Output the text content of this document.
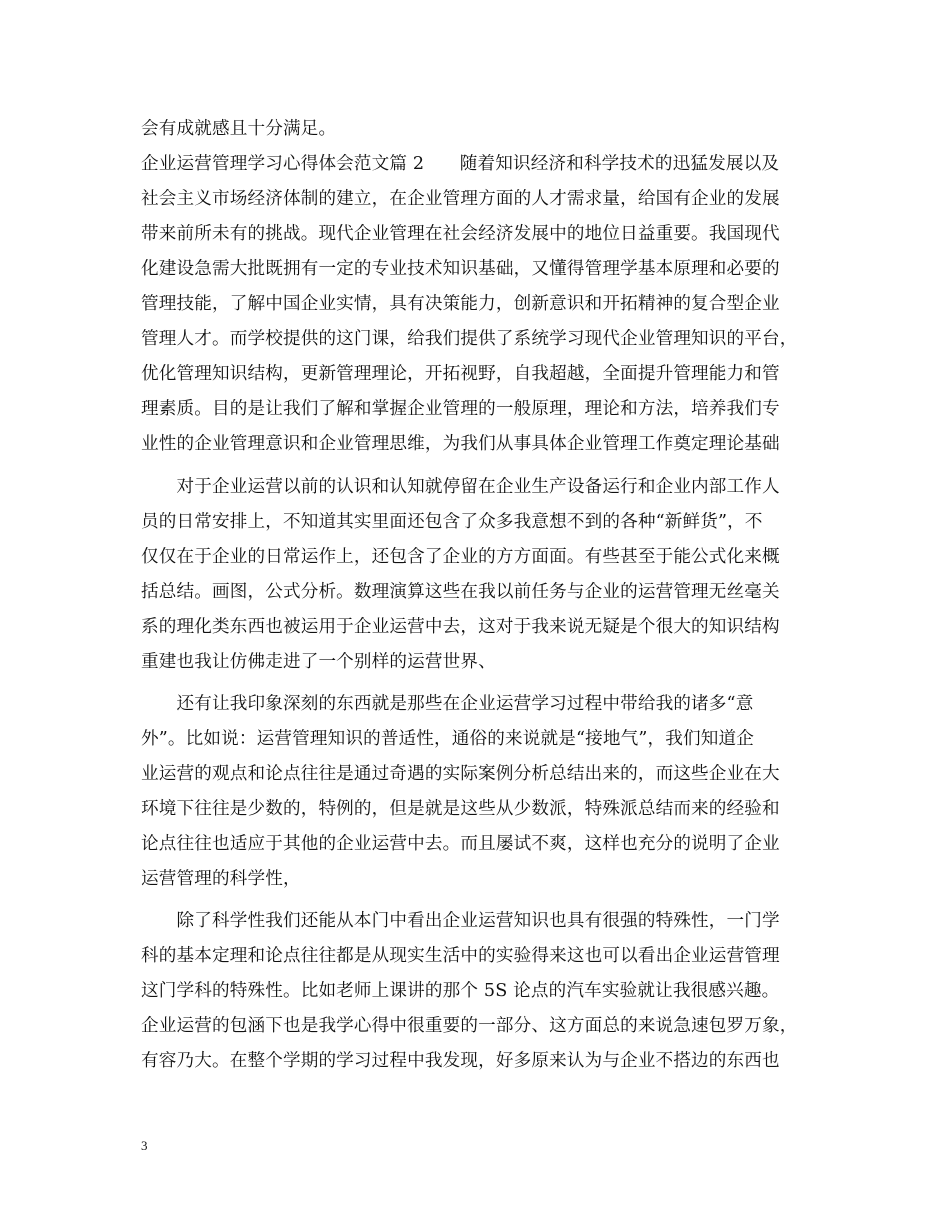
会有成就感且十分满足。
企业运营管理学习心得体会范文篇 2　　随着知识经济和科学技术的迅猛发展以及
社会主义市场经济体制的建立，在企业管理方面的人才需求量，给国有企业的发展
带来前所未有的挑战。现代企业管理在社会经济发展中的地位日益重要。我国现代
化建设急需大批既拥有一定的专业技术知识基础，又懂得管理学基本原理和必要的
管理技能，了解中国企业实情，具有决策能力，创新意识和开拓精神的复合型企业
管理人才。而学校提供的这门课，给我们提供了系统学习现代企业管理知识的平台，
优化管理知识结构，更新管理理论，开拓视野，自我超越，全面提升管理能力和管
理素质。目的是让我们了解和掌握企业管理的一般原理，理论和方法，培养我们专
业性的企业管理意识和企业管理思维，为我们从事具体企业管理工作奠定理论基础
　　对于企业运营以前的认识和认知就停留在企业生产设备运行和企业内部工作人
员的日常安排上，不知道其实里面还包含了众多我意想不到的各种“新鲜货”，不
仅仅在于企业的日常运作上，还包含了企业的方方面面。有些甚至于能公式化来概
括总结。画图，公式分析。数理演算这些在我以前任务与企业的运营管理无丝毫关
系的理化类东西也被运用于企业运营中去，这对于我来说无疑是个很大的知识结构
重建也我让仿佛走进了一个别样的运营世界、
　　还有让我印象深刻的东西就是那些在企业运营学习过程中带给我的诸多“意
外”。比如说：运营管理知识的普适性，通俗的来说就是“接地气”，我们知道企
业运营的观点和论点往往是通过奇遇的实际案例分析总结出来的，而这些企业在大
环境下往往是少数的，特例的，但是就是这些从少数派，特殊派总结而来的经验和
论点往往也适应于其他的企业运营中去。而且屡试不爽，这样也充分的说明了企业
运营管理的科学性，
　　除了科学性我们还能从本门中看出企业运营知识也具有很强的特殊性，一门学
科的基本定理和论点往往都是从现实生活中的实验得来这也可以看出企业运营管理
这门学科的特殊性。比如老师上课讲的那个 5S 论点的汽车实验就让我很感兴趣。
企业运营的包涵下也是我学心得中很重要的一部分、这方面总的来说急速包罗万象，
有容乃大。在整个学期的学习过程中我发现，好多原来认为与企业不搭边的东西也
3
